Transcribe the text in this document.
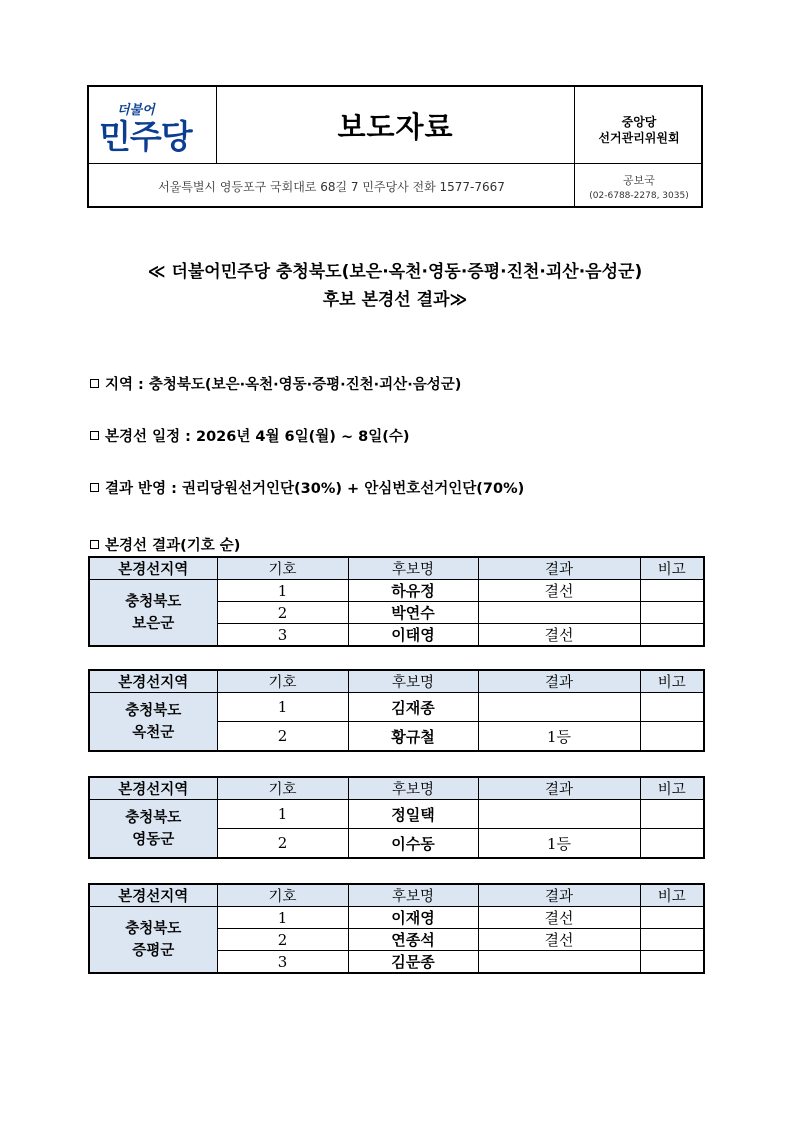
더불어
민주당	보도자료	중앙당
선거관리위원회
서울특별시 영등포구 국회대로 68길 7 민주당사 전화 1577-7667	공보국
(02-6788-2278, 3035)
≪ 더불어민주당 충청북도(보은·옥천·영동·증평·진천·괴산·음성군)
후보 본경선 결과≫
지역 : 충청북도(보은·옥천·영동·증평·진천·괴산·음성군)
본경선 일정 : 2026년 4월 6일(월) ~ 8일(수)
결과 반영 : 권리당원선거인단(30%) + 안심번호선거인단(70%)
본경선 결과(기호 순)
본경선지역	기호	후보명	결과	비고

충청북도
보은군	1	하유정	결선	
	2	박연수		
	3	이태영	결선	
본경선지역	기호	후보명	결과	비고

충청북도
옥천군	1	김재종		
	2	황규철	1등	
본경선지역	기호	후보명	결과	비고

충청북도
영동군	1	정일택		
	2	이수동	1등	
본경선지역	기호	후보명	결과	비고

충청북도
증평군	1	이재영	결선	
	2	연종석	결선	
	3	김문종		
